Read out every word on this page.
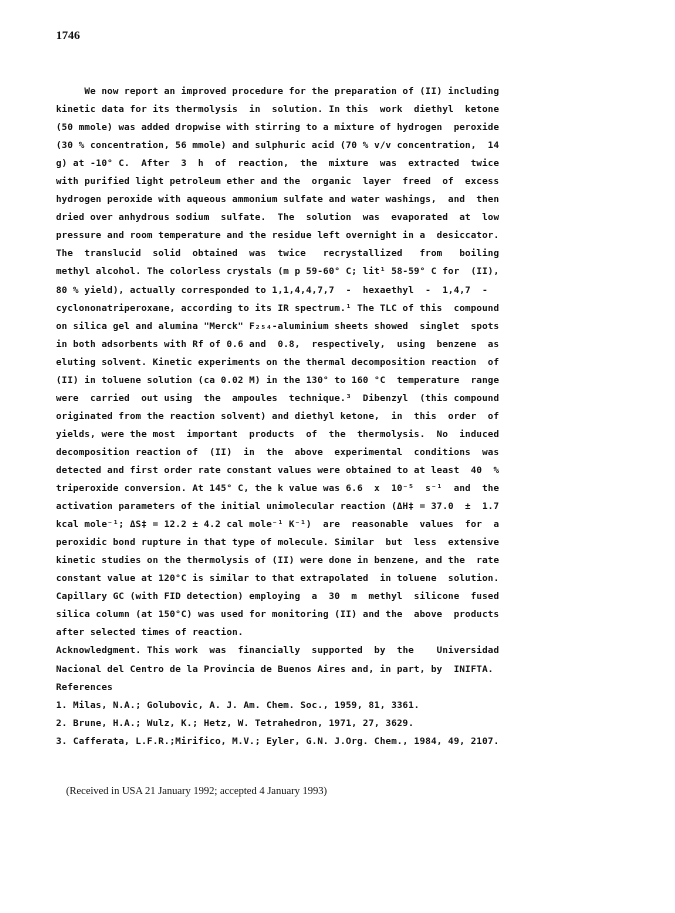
1746
We now report an improved procedure for the preparation of (II) including
kinetic data for its thermolysis  in  solution. In this  work  diethyl  ketone
(50 mmole) was added dropwise with stirring to a mixture of hydrogen  peroxide
(30 % concentration, 56 mmole) and sulphuric acid (70 % v/v concentration,  14
g) at -10° C.  After  3  h  of  reaction,  the  mixture  was  extracted  twice
with purified light petroleum ether and the  organic  layer  freed  of  excess
hydrogen peroxide with aqueous ammonium sulfate and water washings,  and  then
dried over anhydrous sodium  sulfate.  The  solution  was  evaporated  at  low
pressure and room temperature and the residue left overnight in a  desiccator.
The  translucid  solid  obtained  was  twice   recrystallized   from   boiling
methyl alcohol. The colorless crystals (m p 59-60° C; lit¹ 58-59° C for  (II),
80 % yield), actually corresponded to 1,1,4,4,7,7  -  hexaethyl  -  1,4,7  -
cyclononatriperoxane, according to its IR spectrum.¹ The TLC of this  compound
on silica gel and alumina "Merck" F₂₅₄-aluminium sheets showed  singlet  spots
in both adsorbents with Rf of 0.6 and  0.8,  respectively,  using  benzene  as
eluting solvent. Kinetic experiments on the thermal decomposition reaction  of
(II) in toluene solution (ca 0.02 M) in the 130° to 160 °C  temperature  range
were  carried  out using  the  ampoules  technique.³  Dibenzyl  (this compound
originated from the reaction solvent) and diethyl ketone,  in  this  order  of
yields, were the most  important  products  of  the  thermolysis.  No  induced
decomposition reaction of  (II)  in  the  above  experimental  conditions  was
detected and first order rate constant values were obtained to at least  40  %
triperoxide conversion. At 145° C, the k value was 6.6  x  10⁻⁵  s⁻¹  and  the
activation parameters of the initial unimolecular reaction (ΔH‡ = 37.0  ±  1.7
kcal mole⁻¹; ΔS‡ = 12.2 ± 4.2 cal mole⁻¹ K⁻¹)  are  reasonable  values  for  a
peroxidic bond rupture in that type of molecule. Similar  but  less  extensive
kinetic studies on the thermolysis of (II) were done in benzene, and the  rate
constant value at 120°C is similar to that extrapolated  in toluene  solution.
Capillary GC (with FID detection) employing  a  30  m  methyl  silicone  fused
silica column (at 150°C) was used for monitoring (II) and the  above  products
after selected times of reaction.
Acknowledgment. This work  was  financially  supported  by  the    Universidad
Nacional del Centro de la Provincia de Buenos Aires and, in part, by  INIFTA.
References
1. Milas, N.A.; Golubovic, A. J. Am. Chem. Soc., 1959, 81, 3361.
2. Brune, H.A.; Wulz, K.; Hetz, W. Tetrahedron, 1971, 27, 3629.
3. Cafferata, L.F.R.;Mirifico, M.V.; Eyler, G.N. J.Org. Chem., 1984, 49, 2107.
(Received in USA 21 January 1992; accepted 4 January 1993)
